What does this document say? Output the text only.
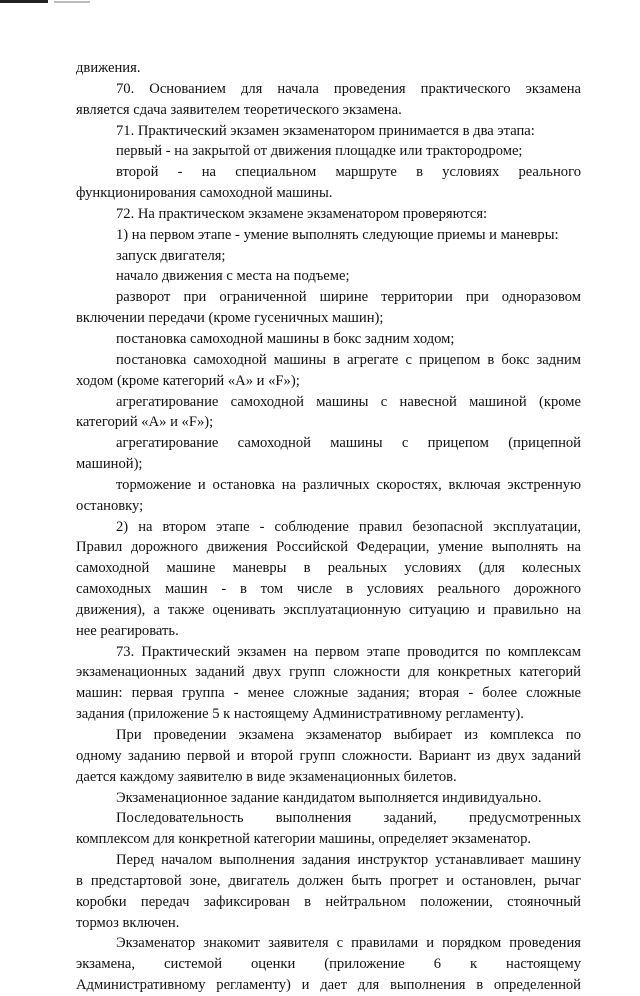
движения.
70. Основанием для начала проведения практического экзамена
является сдача заявителем теоретического экзамена.
71. Практический экзамен экзаменатором принимается в два этапа:
первый - на закрытой от движения площадке или трактородроме;
второй - на специальном маршруте в условиях реального
функционирования самоходной машины.
72. На практическом экзамене экзаменатором проверяются:
1) на первом этапе - умение выполнять следующие приемы и маневры:
запуск двигателя;
начало движения с места на подъеме;
разворот при ограниченной ширине территории при одноразовом
включении передачи (кроме гусеничных машин);
постановка самоходной машины в бокс задним ходом;
постановка самоходной машины в агрегате с прицепом в бокс задним
ходом (кроме категорий «A» и «F»);
агрегатирование самоходной машины с навесной машиной (кроме
категорий «A» и «F»);
агрегатирование самоходной машины с прицепом (прицепной
машиной);
торможение и остановка на различных скоростях, включая экстренную
остановку;
2) на втором этапе - соблюдение правил безопасной эксплуатации,
Правил дорожного движения Российской Федерации, умение выполнять на
самоходной машине маневры в реальных условиях (для колесных
самоходных машин - в том числе в условиях реального дорожного
движения), а также оценивать эксплуатационную ситуацию и правильно на
нее реагировать.
73. Практический экзамен на первом этапе проводится по комплексам
экзаменационных заданий двух групп сложности для конкретных категорий
машин: первая группа - менее сложные задания; вторая - более сложные
задания (приложение 5 к настоящему Административному регламенту).
При проведении экзамена экзаменатор выбирает из комплекса по
одному заданию первой и второй групп сложности. Вариант из двух заданий
дается каждому заявителю в виде экзаменационных билетов.
Экзаменационное задание кандидатом выполняется индивидуально.
Последовательность выполнения заданий, предусмотренных
комплексом для конкретной категории машины, определяет экзаменатор.
Перед началом выполнения задания инструктор устанавливает машину
в предстартовой зоне, двигатель должен быть прогрет и остановлен, рычаг
коробки передач зафиксирован в нейтральном положении, стояночный
тормоз включен.
Экзаменатор знакомит заявителя с правилами и порядком проведения
экзамена, системой оценки (приложение 6 к настоящему
Административному регламенту) и дает для выполнения в определенной
